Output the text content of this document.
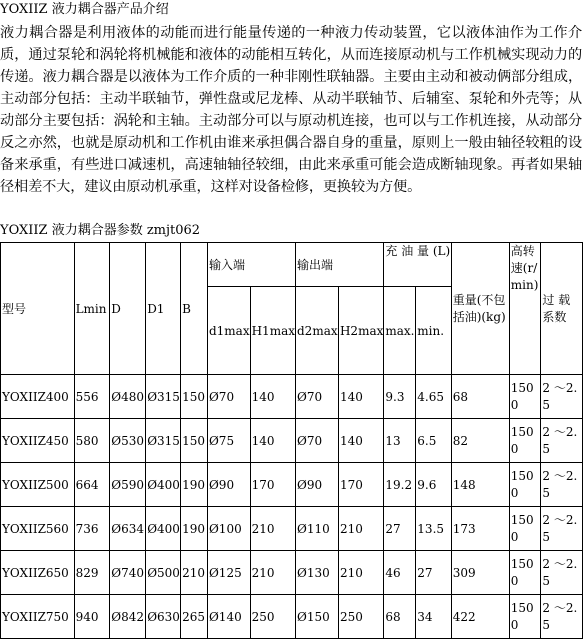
YOXIIZ 液力耦合器产品介绍
液力耦合器是利用液体的动能而进行能量传递的一种液力传动装置，它以液体油作为工作介质，通过泵轮和涡轮将机械能和液体的动能相互转化，从而连接原动机与工作机械实现动力的传递。液力耦合器是以液体为工作介质的一种非刚性联轴器。主要由主动和被动俩部分组成，主动部分包括：主动半联轴节，弹性盘或尼龙棒、从动半联轴节、后辅室、泵轮和外壳等；从动部分主要包括：涡轮和主轴。主动部分可以与原动机连接，也可以与工作机连接，从动部分反之亦然，也就是原动机和工作机由谁来承担偶合器自身的重量，原则上一般由轴径较粗的设备来承重，有些进口减速机，高速轴轴径较细，由此来承重可能会造成断轴现象。再者如果轴径相差不大，建议由原动机承重，这样对设备检修，更换较为方便。
YOXIIZ 液力耦合器参数 zmjt062
型号	Lmin	D	D1	B	输入端		输出端		充 油 量 (L)		重量(不包　括油)(kg)	高转速(r/min)	过 载系数
					d1max	H1max	d2max	H2max	max.	min.			
YOXIIZ400	556	Ø480	Ø315	150	Ø70	140	Ø70	140	9.3	4.65	68	1500	2 ～2.5
YOXIIZ450	580	Ø530	Ø315	150	Ø75	140	Ø70	140	13	6.5	82	1500	2 ～2.5
YOXIIZ500	664	Ø590	Ø400	190	Ø90	170	Ø90	170	19.2	9.6	148	1500	2 ～2.5
YOXIIZ560	736	Ø634	Ø400	190	Ø100	210	Ø110	210	27	13.5	173	1500	2 ～2.5
YOXIIZ650	829	Ø740	Ø500	210	Ø125	210	Ø130	210	46	27	309	1500	2 ～2.5
YOXIIZ750	940	Ø842	Ø630	265	Ø140	250	Ø150	250	68	34	422	1500	2 ～2.5
